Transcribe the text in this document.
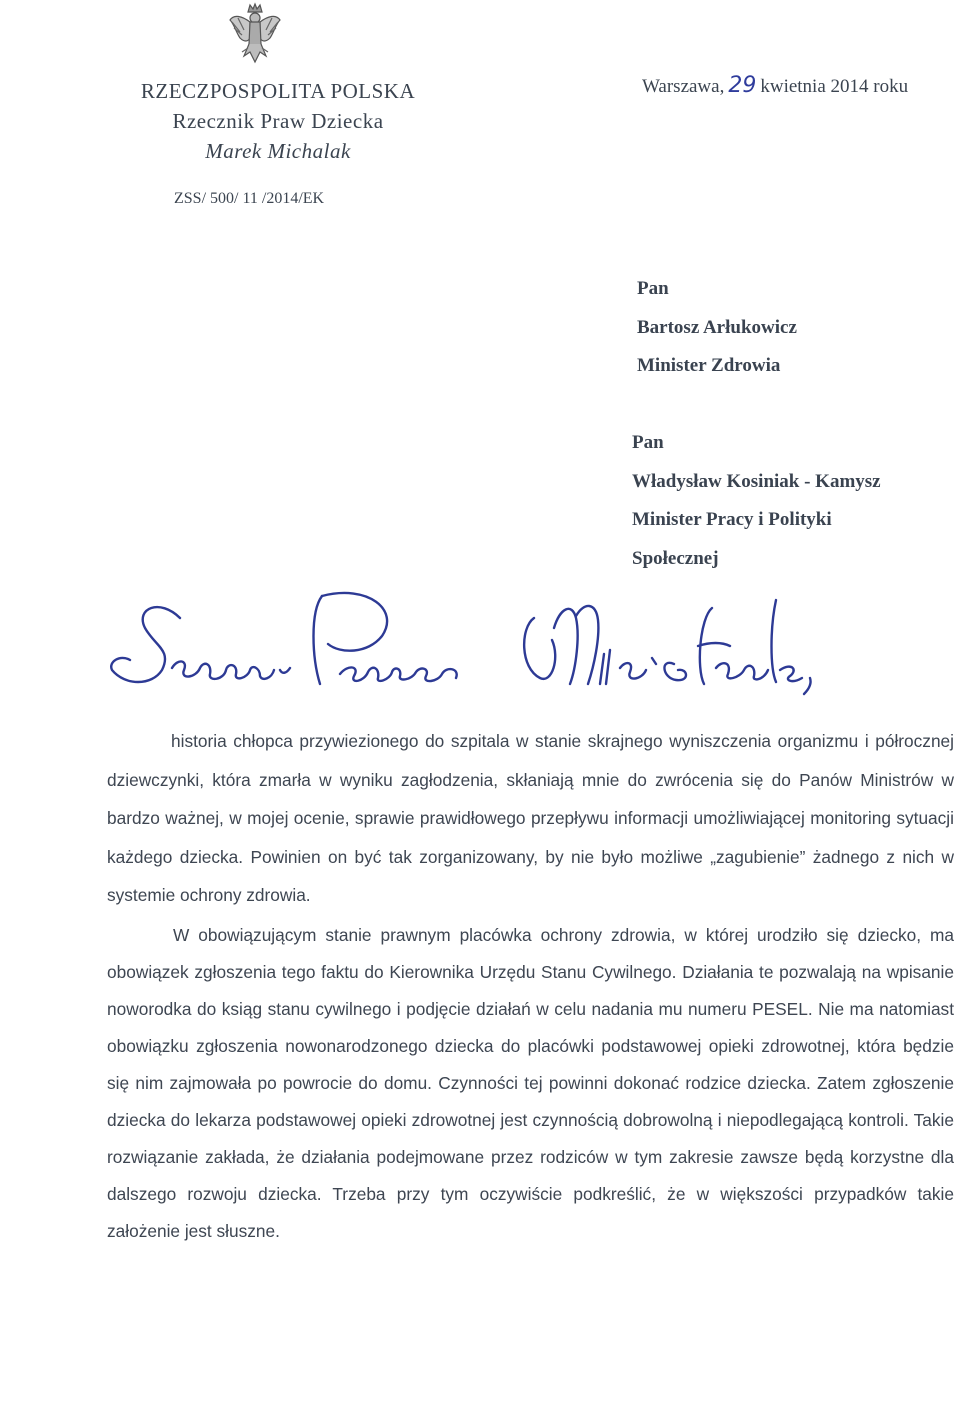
RZECZPOSPOLITA POLSKA
Rzecznik Praw Dziecka
Marek Michalak
Warszawa, 29 kwietnia 2014 roku
ZSS/ 500/ 11 /2014/EK
Pan
Bartosz Arłukowicz
Minister Zdrowia
Pan
Władysław Kosiniak - Kamysz
Minister Pracy i Polityki
Społecznej

historia chłopca przywiezionego do szpitala w stanie skrajnego wyniszczenia organizmu i półrocznej dziewczynki, która zmarła w wyniku zagłodzenia, skłaniają mnie do zwrócenia się do Panów Ministrów w bardzo ważnej, w mojej ocenie, sprawie prawidłowego przepływu informacji umożliwiającej monitoring sytuacji każdego dziecka. Powinien on być tak zorganizowany, by nie było możliwe „zagubienie” żadnego z nich w systemie ochrony zdrowia.

W obowiązującym stanie prawnym placówka ochrony zdrowia, w której urodziło się dziecko, ma obowiązek zgłoszenia tego faktu do Kierownika Urzędu Stanu Cywilnego. Działania te pozwalają na wpisanie noworodka do ksiąg stanu cywilnego i podjęcie działań w celu nadania mu numeru PESEL. Nie ma natomiast obowiązku zgłoszenia nowonarodzonego dziecka do placówki podstawowej opieki zdrowotnej, która będzie się nim zajmowała po powrocie do domu. Czynności tej powinni dokonać rodzice dziecka. Zatem zgłoszenie dziecka do lekarza podstawowej opieki zdrowotnej jest czynnością dobrowolną i niepodlegającą kontroli. Takie rozwiązanie zakłada, że działania podejmowane przez rodziców w tym zakresie zawsze będą korzystne dla dalszego rozwoju dziecka. Trzeba przy tym oczywiście podkreślić, że w większości przypadków takie założenie jest słuszne.
